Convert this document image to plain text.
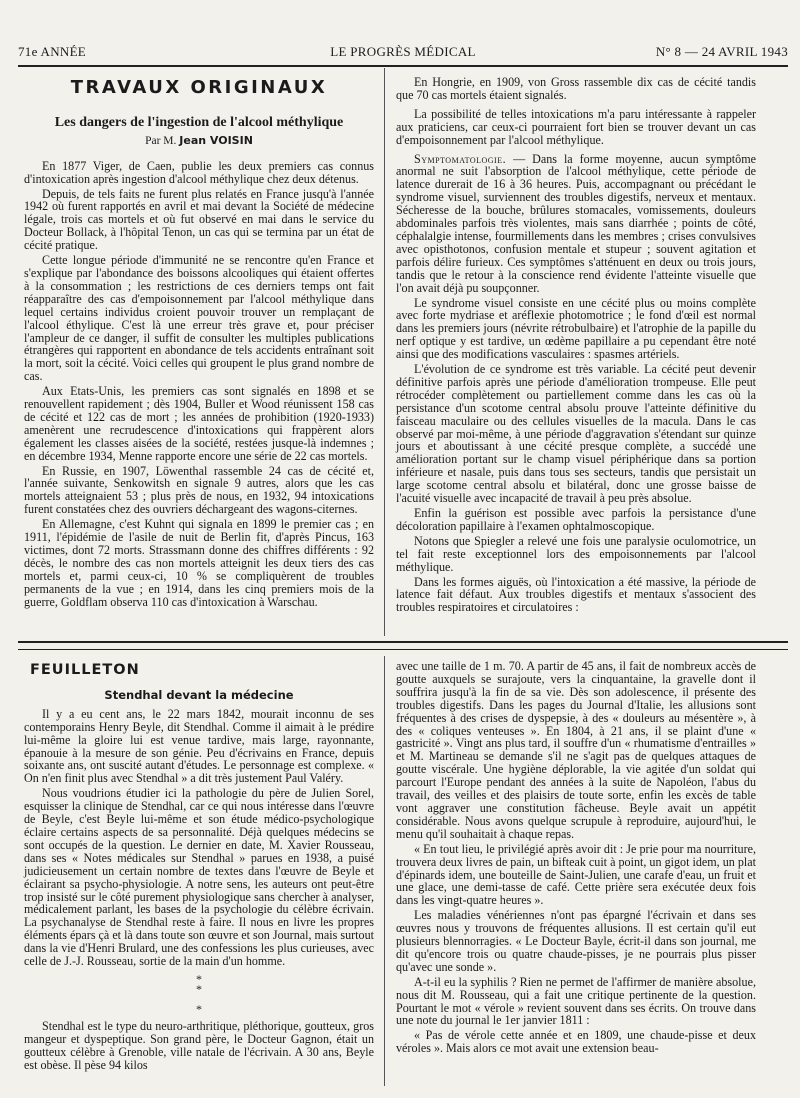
71e ANNÉE	LE PROGRÈS MÉDICAL	N° 8 — 24 AVRIL 1943
TRAVAUX ORIGINAUX
Les dangers de l'ingestion de l'alcool méthylique
Par M. Jean VOISIN

En 1877 Viger, de Caen, publie les deux premiers cas connus d'intoxication après ingestion d'alcool méthylique chez deux détenus.

Depuis, de tels faits ne furent plus relatés en France jusqu'à l'année 1942 où furent rapportés en avril et mai devant la Société de médecine légale, trois cas mortels et où fut observé en mai dans le service du Docteur Bollack, à l'hôpital Tenon, un cas qui se termina par un état de cécité pratique.

Cette longue période d'immunité ne se rencontre qu'en France et s'explique par l'abondance des boissons alcooliques qui étaient offertes à la consommation ; les restrictions de ces derniers temps ont fait réapparaître des cas d'empoisonnement par l'alcool méthylique dans lequel certains individus croient pouvoir trouver un remplaçant de l'alcool éthylique. C'est là une erreur très grave et, pour préciser l'ampleur de ce danger, il suffit de consulter les multiples publications étrangères qui rapportent en abondance de tels accidents entraînant soit la mort, soit la cécité. Voici celles qui groupent le plus grand nombre de cas.

Aux Etats-Unis, les premiers cas sont signalés en 1898 et se renouvellent rapidement ; dès 1904, Buller et Wood réunissent 158 cas de cécité et 122 cas de mort ; les années de prohibition (1920-1933) amenèrent une recrudescence d'intoxications qui frappèrent alors également les classes aisées de la société, restées jusque-là indemnes ; en décembre 1934, Menne rapporte encore une série de 22 cas mortels.

En Russie, en 1907, Löwenthal rassemble 24 cas de cécité et, l'année suivante, Senkowitsh en signale 9 autres, alors que les cas mortels atteignaient 53 ; plus près de nous, en 1932, 94 intoxications furent constatées chez des ouvriers déchargeant des wagons-citernes.

En Allemagne, c'est Kuhnt qui signala en 1899 le premier cas ; en 1911, l'épidémie de l'asile de nuit de Berlin fit, d'après Pincus, 163 victimes, dont 72 morts. Strassmann donne des chiffres différents : 92 décès, le nombre des cas non mortels atteignit les deux tiers des cas mortels et, parmi ceux-ci, 10 % se compliquèrent de troubles permanents de la vue ; en 1914, dans les cinq premiers mois de la guerre, Goldflam observa 110 cas d'intoxication à Warschau.

En Hongrie, en 1909, von Gross rassemble dix cas de cécité tandis que 70 cas mortels étaient signalés.

La possibilité de telles intoxications m'a paru intéressante à rappeler aux praticiens, car ceux-ci pourraient fort bien se trouver devant un cas d'empoisonnement par l'alcool méthylique.

Symptomatologie. — Dans la forme moyenne, aucun symptôme anormal ne suit l'absorption de l'alcool méthylique, cette période de latence durerait de 16 à 36 heures. Puis, accompagnant ou précédant le syndrome visuel, surviennent des troubles digestifs, nerveux et mentaux. Sécheresse de la bouche, brûlures stomacales, vomissements, douleurs abdominales parfois très violentes, mais sans diarrhée ; points de côté, céphalalgie intense, fourmillements dans les membres ; crises convulsives avec opisthotonos, confusion mentale et stupeur ; souvent agitation et parfois délire furieux. Ces symptômes s'atténuent en deux ou trois jours, tandis que le retour à la conscience rend évidente l'atteinte visuelle que l'on avait déjà pu soupçonner.

Le syndrome visuel consiste en une cécité plus ou moins complète avec forte mydriase et aréflexie photomotrice ; le fond d'œil est normal dans les premiers jours (névrite rétrobulbaire) et l'atrophie de la papille du nerf optique y est tardive, un œdème papillaire a pu cependant être noté ainsi que des modifications vasculaires : spasmes artériels.

L'évolution de ce syndrome est très variable. La cécité peut devenir définitive parfois après une période d'amélioration trompeuse. Elle peut rétrocéder complètement ou partiellement comme dans les cas où la persistance d'un scotome central absolu prouve l'atteinte définitive du faisceau maculaire ou des cellules visuelles de la macula. Dans le cas observé par moi-même, à une période d'aggravation s'étendant sur quinze jours et aboutissant à une cécité presque complète, a succédé une amélioration portant sur le champ visuel périphérique dans sa portion inférieure et nasale, puis dans tous ses secteurs, tandis que persistait un large scotome central absolu et bilatéral, donc une grosse baisse de l'acuité visuelle avec incapacité de travail à peu près absolue.

Enfin la guérison est possible avec parfois la persistance d'une décoloration papillaire à l'examen ophtalmoscopique.

Notons que Spiegler a relevé une fois une paralysie oculomotrice, un tel fait reste exceptionnel lors des empoisonnements par l'alcool méthylique.

Dans les formes aiguës, où l'intoxication a été massive, la période de latence fait défaut. Aux troubles digestifs et mentaux s'associent des troubles respiratoires et circulatoires :

FEUILLETON
Stendhal devant la médecine

Il y a eu cent ans, le 22 mars 1842, mourait inconnu de ses contemporains Henry Beyle, dit Stendhal. Comme il aimait à le prédire lui-même la gloire lui est venue tardive, mais large, rayonnante, épanouie à la mesure de son génie. Peu d'écrivains en France, depuis soixante ans, ont suscité autant d'études. Le personnage est complexe. « On n'en finit plus avec Stendhal » a dit très justement Paul Valéry.

Nous voudrions étudier ici la pathologie du père de Julien Sorel, esquisser la clinique de Stendhal, car ce qui nous intéresse dans l'œuvre de Beyle, c'est Beyle lui-même et son étude médico-psychologique éclaire certains aspects de sa personnalité. Déjà quelques médecins se sont occupés de la question. Le dernier en date, M. Xavier Rousseau, dans ses « Notes médicales sur Stendhal » parues en 1938, a puisé judicieusement un certain nombre de textes dans l'œuvre de Beyle et éclairant sa psycho-physiologie. A notre sens, les auteurs ont peut-être trop insisté sur le côté purement physiologique sans chercher à analyser, médicalement parlant, les bases de la psychologie du célèbre écrivain. La psychanalyse de Stendhal reste à faire. Il nous en livre les propres éléments épars çà et là dans toute son œuvre et son Journal, mais surtout dans la vie d'Henri Brulard, une des confessions les plus curieuses, avec celle de J.-J. Rousseau, sortie de la main d'un homme.

*
*

*

Stendhal est le type du neuro-arthritique, pléthorique, goutteux, gros mangeur et dyspeptique. Son grand père, le Docteur Gagnon, était un goutteux célèbre à Grenoble, ville natale de l'écrivain. A 30 ans, Beyle est obèse. Il pèse 94 kilos

avec une taille de 1 m. 70. A partir de 45 ans, il fait de nombreux accès de goutte auxquels se surajoute, vers la cinquantaine, la gravelle dont il souffrira jusqu'à la fin de sa vie. Dès son adolescence, il présente des troubles digestifs. Dans les pages du Journal d'Italie, les allusions sont fréquentes à des crises de dyspepsie, à des « douleurs au mésentère », à des « coliques venteuses ». En 1804, à 21 ans, il se plaint d'une « gastricité ». Vingt ans plus tard, il souffre d'un « rhumatisme d'entrailles » et M. Martineau se demande s'il ne s'agit pas de quelques attaques de goutte viscérale. Une hygiène déplorable, la vie agitée d'un soldat qui parcourt l'Europe pendant des années à la suite de Napoléon, l'abus du travail, des veilles et des plaisirs de toute sorte, enfin les excès de table vont aggraver une constitution fâcheuse. Beyle avait un appétit considérable. Nous avons quelque scrupule à reproduire, aujourd'hui, le menu qu'il souhaitait à chaque repas.

« En tout lieu, le privilégié après avoir dit : Je prie pour ma nourriture, trouvera deux livres de pain, un bifteak cuit à point, un gigot idem, un plat d'épinards idem, une bouteille de Saint-Julien, une carafe d'eau, un fruit et une glace, une demi-tasse de café. Cette prière sera exécutée deux fois dans les vingt-quatre heures ».

Les maladies vénériennes n'ont pas épargné l'écrivain et dans ses œuvres nous y trouvons de fréquentes allusions. Il est certain qu'il eut plusieurs blennorragies. « Le Docteur Bayle, écrit-il dans son journal, me dit qu'encore trois ou quatre chaude-pisses, je ne pourrais plus pisser qu'avec une sonde ».

A-t-il eu la syphilis ? Rien ne permet de l'affirmer de manière absolue, nous dit M. Rousseau, qui a fait une critique pertinente de la question. Pourtant le mot « vérole » revient souvent dans ses écrits. On trouve dans une note du journal le 1er janvier 1811 :

« Pas de vérole cette année et en 1809, une chaude-pisse et deux véroles ». Mais alors ce mot avait une extension beau-
